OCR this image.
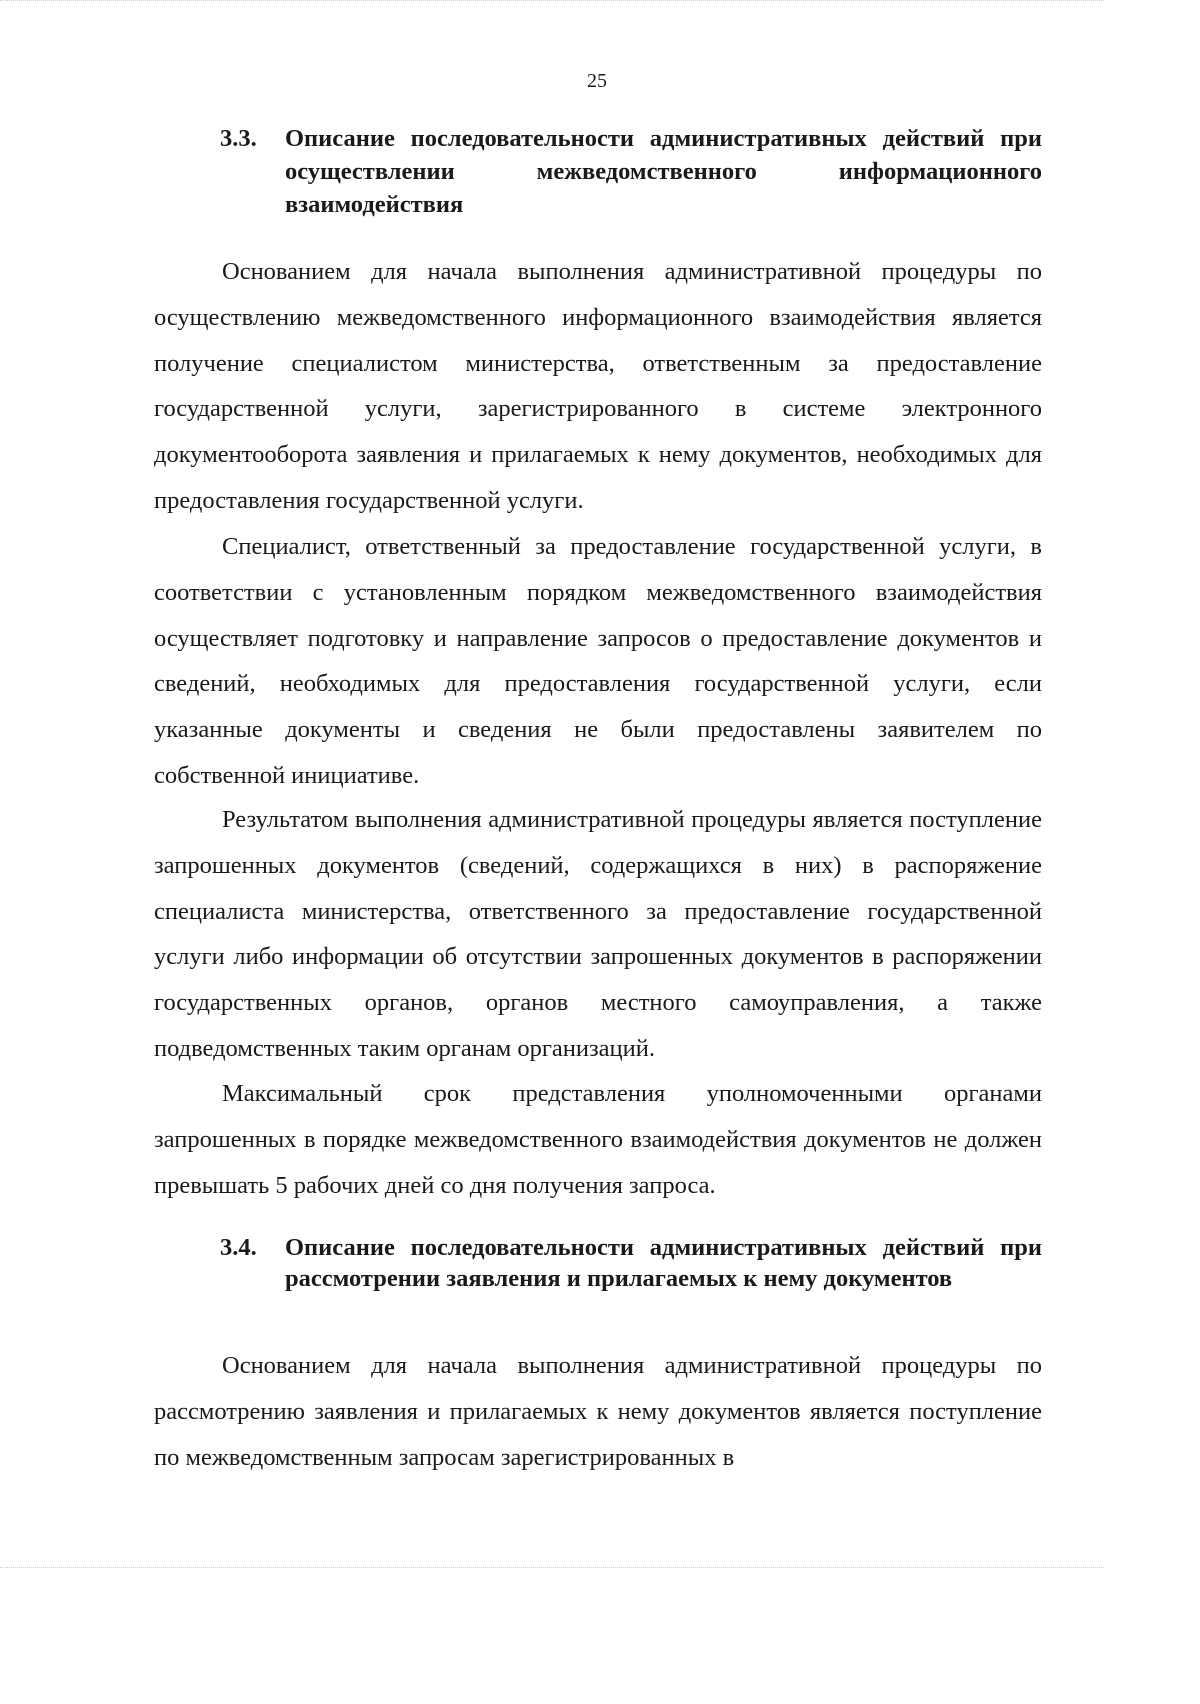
25
3.3. Описание последовательности административных действий при осуществлении межведомственного информационного взаимодействия

Основанием для начала выполнения административной процедуры по осуществлению межведомственного информационного взаимодействия является получение специалистом министерства, ответственным за предоставление государственной услуги, зарегистрированного в системе электронного документооборота заявления и прилагаемых к нему документов, необходимых для предоставления государственной услуги.

Специалист, ответственный за предоставление государственной услуги, в соответствии с установленным порядком межведомственного взаимодействия осуществляет подготовку и направление запросов о предоставление документов и сведений, необходимых для предоставления государственной услуги, если указанные документы и сведения не были предоставлены заявителем по собственной инициативе.

Результатом выполнения административной процедуры является поступление запрошенных документов (сведений, содержащихся в них) в распоряжение специалиста министерства, ответственного за предоставление государственной услуги либо информации об отсутствии запрошенных документов в распоряжении государственных органов, органов местного самоуправления, а также подведомственных таким органам организаций.

Максимальный срок представления уполномоченными органами запрошенных в порядке межведомственного взаимодействия документов не должен превышать 5 рабочих дней со дня получения запроса.

3.4. Описание последовательности административных действий при рассмотрении заявления и прилагаемых к нему документов

Основанием для начала выполнения административной процедуры по рассмотрению заявления и прилагаемых к нему документов является поступление по межведомственным запросам зарегистрированных в
